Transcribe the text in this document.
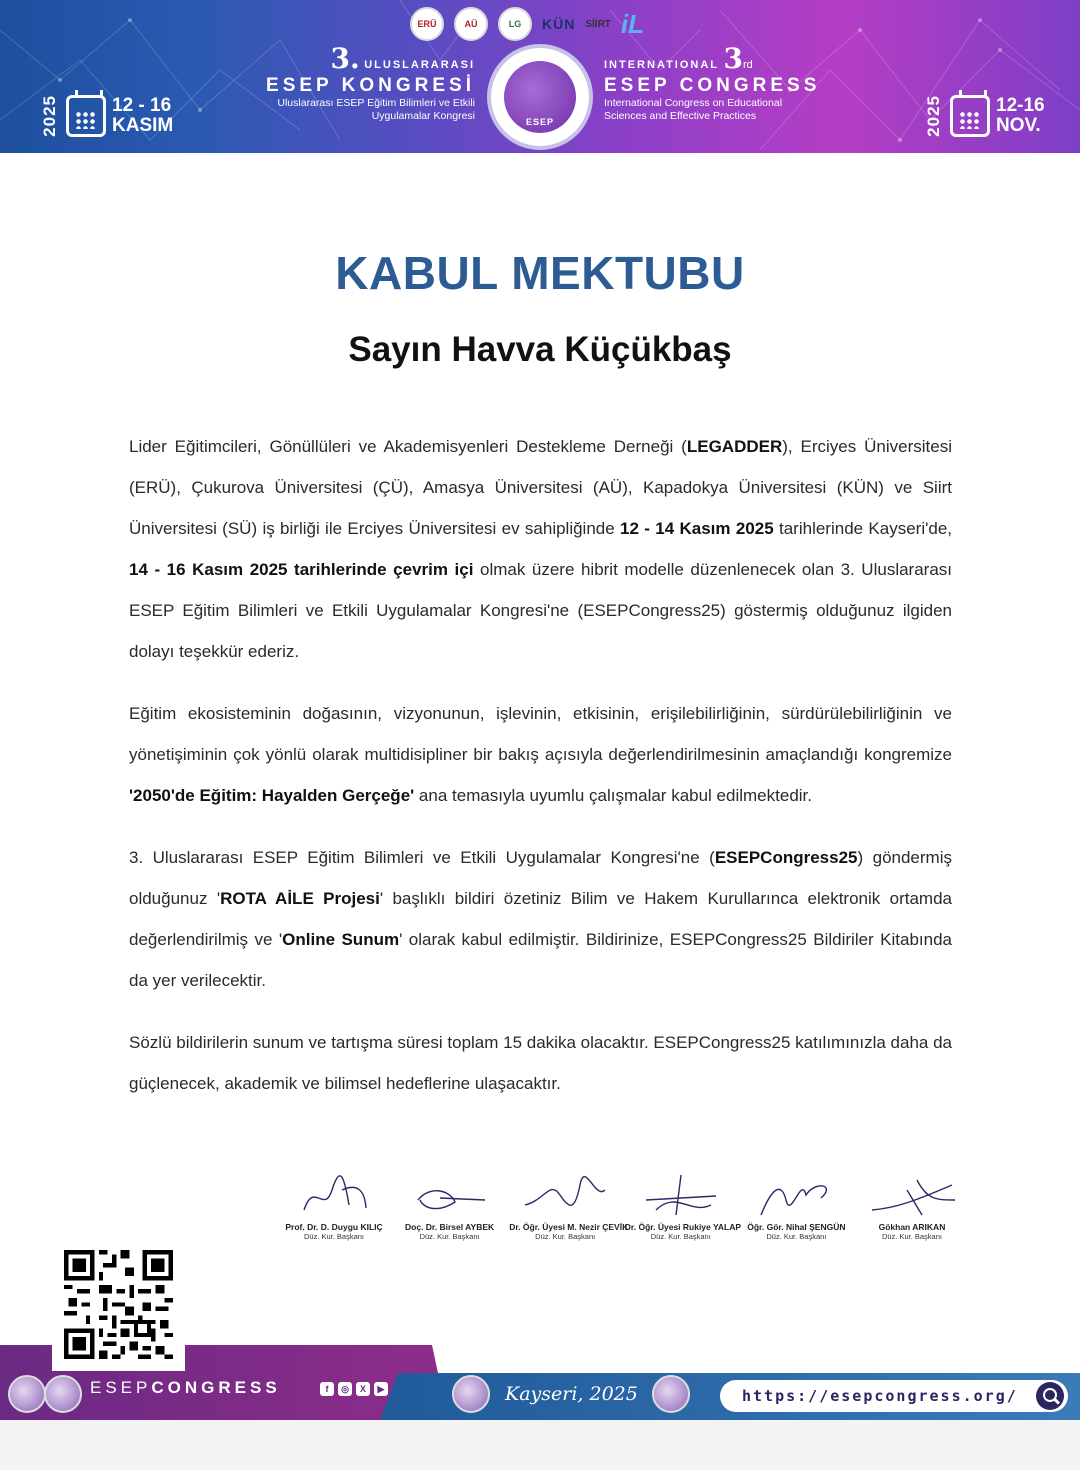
ERÜ	AÜ	LG	KÜN SİİRT iL
2025	12 - 16
KASIM
3. ULUSLARARASI
ESEP KONGRESİ
Uluslararası ESEP Eğitim Bilimleri ve Etkili
Uygulamalar Kongresi	ESEP
INTERNATIONAL 3rd
ESEP CONGRESS
International Congress on Educational
Sciences and Effective Practices	2025	12-16
NOV.
KABUL MEKTUBU
Sayın Havva Küçükbaş

Lider Eğitimcileri, Gönüllüleri ve Akademisyenleri Destekleme Derneği (LEGADDER), Erciyes Üniversitesi (ERÜ), Çukurova Üniversitesi (ÇÜ), Amasya Üniversitesi (AÜ), Kapadokya Üniversitesi (KÜN) ve Siirt Üniversitesi (SÜ) iş birliği ile Erciyes Üniversitesi ev sahipliğinde 12 - 14 Kasım 2025 tarihlerinde Kayseri'de, 14 - 16 Kasım 2025 tarihlerinde çevrim içi olmak üzere hibrit modelle düzenlenecek olan 3. Uluslararası ESEP Eğitim Bilimleri ve Etkili Uygulamalar Kongresi'ne (ESEPCongress25) göstermiş olduğunuz ilgiden dolayı teşekkür ederiz.

Eğitim ekosisteminin doğasının, vizyonunun, işlevinin, etkisinin, erişilebilirliğinin, sürdürülebilirliğinin ve yönetişiminin çok yönlü olarak multidisipliner bir bakış açısıyla değerlendirilmesinin amaçlandığı kongremize '2050'de Eğitim: Hayalden Gerçeğe' ana temasıyla uyumlu çalışmalar kabul edilmektedir.

3. Uluslararası ESEP Eğitim Bilimleri ve Etkili Uygulamalar Kongresi'ne (ESEPCongress25) göndermiş olduğunuz 'ROTA AİLE Projesi' başlıklı bildiri özetiniz Bilim ve Hakem Kurullarınca elektronik ortamda değerlendirilmiş ve 'Online Sunum' olarak kabul edilmiştir. Bildirinize, ESEPCongress25 Bildiriler Kitabında da yer verilecektir.

Sözlü bildirilerin sunum ve tartışma süresi toplam 15 dakika olacaktır. ESEPCongress25 katılımınızla daha da güçlenecek, akademik ve bilimsel hedeflerine ulaşacaktır.

Prof. Dr. D. Duygu KILIÇ
Düz. Kur. Başkanı
Doç. Dr. Birsel AYBEK
Düz. Kur. Başkanı
Dr. Öğr. Üyesi M. Nezir ÇEVİK
Düz. Kur. Başkanı
Dr. Öğr. Üyesi Rukiye YALAP
Düz. Kur. Başkanı
Öğr. Gör. Nihal ŞENGÜN
Düz. Kur. Başkanı
Gökhan ARIKAN
Düz. Kur. Başkanı
ESEPCONGRESS	f	◎	X	▶	Kayseri, 2025	https://esepcongress.org/
